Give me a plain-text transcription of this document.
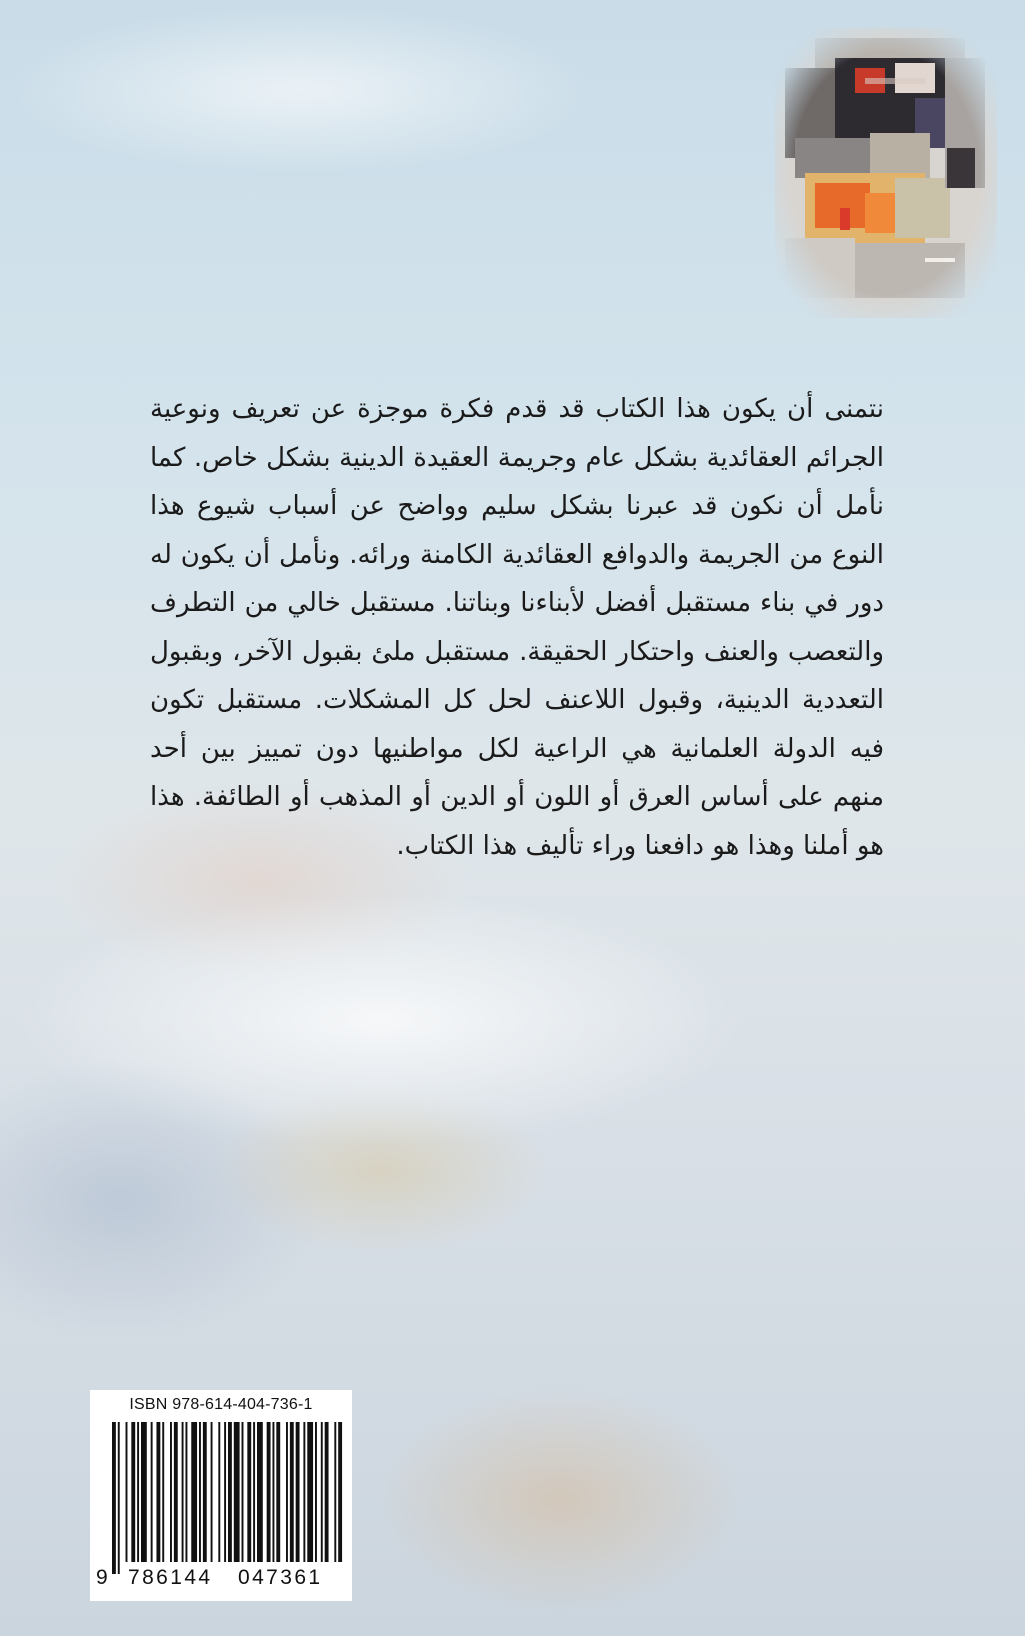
نتمنى أن يكون هذا الكتاب قد قدم فكرة موجزة عن تعريف ونوعية الجرائم العقائدية بشكل عام وجريمة العقيدة الدينية بشكل خاص. كما نأمل أن نكون قد عبرنا بشكل سليم وواضح عن أسباب شيوع هذا النوع من الجريمة والدوافع العقائدية الكامنة ورائه. ونأمل أن يكون له دور في بناء مستقبل أفضل لأبناءنا وبناتنا. مستقبل خالي من التطرف والتعصب والعنف واحتكار الحقيقة. مستقبل ملئ بقبول الآخر، وبقبول التعددية الدينية، وقبول اللاعنف لحل كل المشكلات. مستقبل تكون فيه الدولة العلمانية هي الراعية لكل مواطنيها دون تمييز بين أحد منهم على أساس العرق أو اللون أو الدين أو المذهب أو الطائفة. هذا هو أملنا وهذا هو دافعنا وراء تأليف هذا الكتاب.

ISBN 978-614-404-736-1
9 786144 047361
